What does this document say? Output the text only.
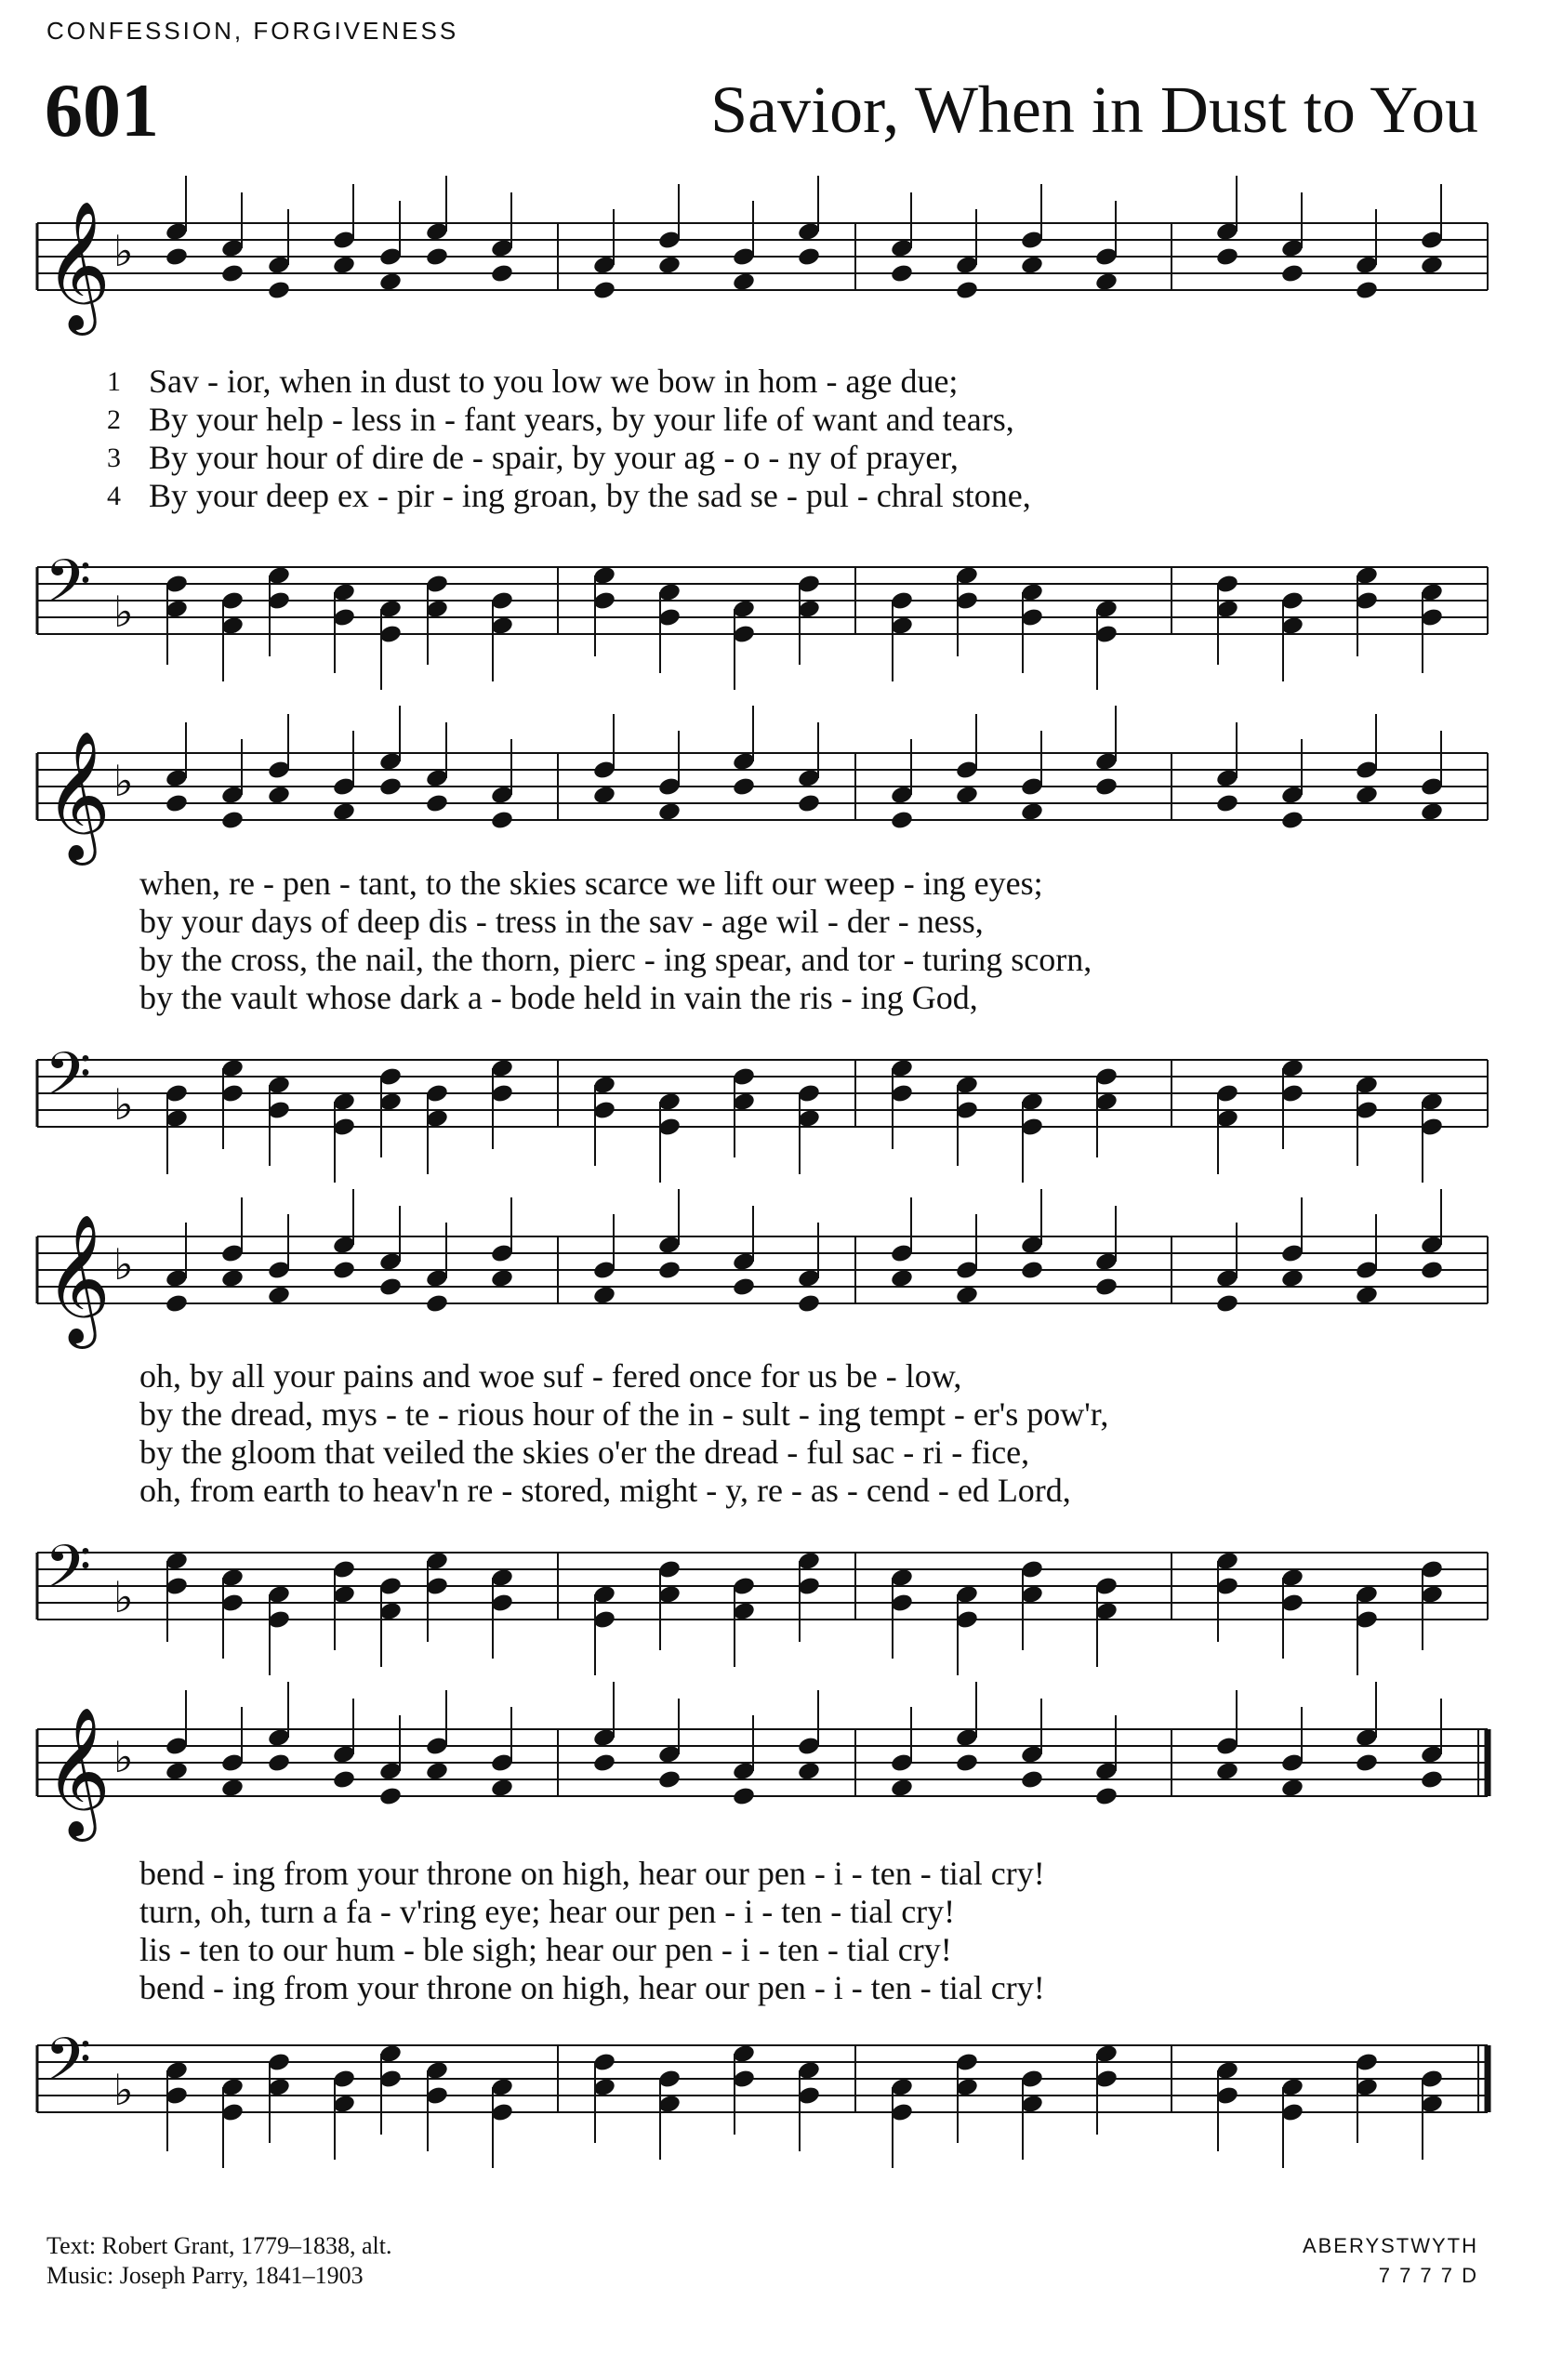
CONFESSION, FORGIVENESS
601	Savior, When in Dust to You
𝄞 ♭
1 Sav - ior, when in dust to you low we bow in hom - age due;
2 By your help - less in - fant years, by your life of want and tears,
3 By your hour of dire de - spair, by your ag - o - ny of prayer,
4 By your deep ex - pir - ing groan, by the sad se - pul - chral stone,
𝄢 ♭
𝄞 ♭
when, re - pen - tant, to the skies scarce we lift our weep - ing eyes;
by your days of deep dis - tress in the sav - age wil - der - ness,
by the cross, the nail, the thorn, pierc - ing spear, and tor - turing scorn,
by the vault whose dark a - bode held in vain the ris - ing God,
𝄢 ♭
𝄞 ♭
oh, by all your pains and woe suf - fered once for us be - low,
by the dread, mys - te - rious hour of the in - sult - ing tempt - er's pow'r,
by the gloom that veiled the skies o'er the dread - ful sac - ri - fice,
oh, from earth to heav'n re - stored, might - y, re - as - cend - ed Lord,
𝄢 ♭
𝄞 ♭
bend - ing from your throne on high, hear our pen - i - ten - tial cry!
turn, oh, turn a fa - v'ring eye; hear our pen - i - ten - tial cry!
lis - ten to our hum - ble sigh; hear our pen - i - ten - tial cry!
bend - ing from your throne on high, hear our pen - i - ten - tial cry!
𝄢 ♭
Text: Robert Grant, 1779–1838, alt.
Music: Joseph Parry, 1841–1903
ABERYSTWYTH
7 7 7 7 D
